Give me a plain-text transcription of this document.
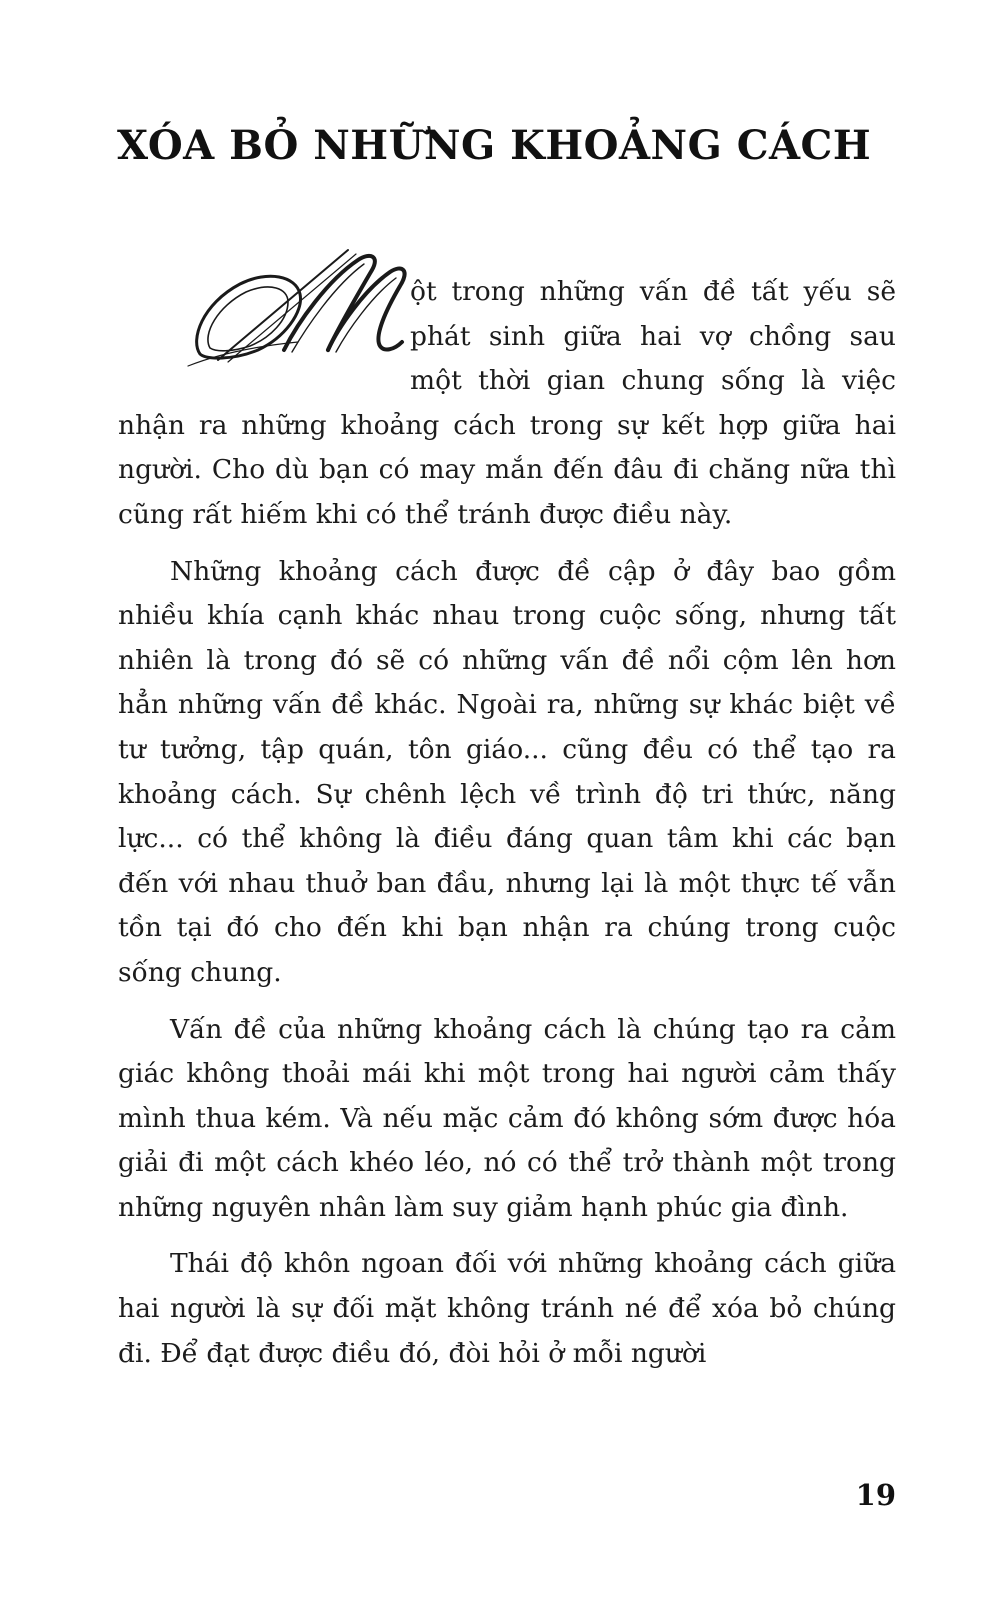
XÓA BỎ NHỮNG KHOẢNG CÁCH

ột trong những vấn đề tất yếu sẽ phát sinh giữa hai vợ chồng sau một thời gian chung sống là việc nhận ra những khoảng cách trong sự kết hợp giữa hai người. Cho dù bạn có may mắn đến đâu đi chăng nữa thì cũng rất hiếm khi có thể tránh được điều này.

Những khoảng cách được đề cập ở đây bao gồm nhiều khía cạnh khác nhau trong cuộc sống, nhưng tất nhiên là trong đó sẽ có những vấn đề nổi cộm lên hơn hẳn những vấn đề khác. Ngoài ra, những sự khác biệt về tư tưởng, tập quán, tôn giáo... cũng đều có thể tạo ra khoảng cách. Sự chênh lệch về trình độ tri thức, năng lực... có thể không là điều đáng quan tâm khi các bạn đến với nhau thuở ban đầu, nhưng lại là một thực tế vẫn tồn tại đó cho đến khi bạn nhận ra chúng trong cuộc sống chung.

Vấn đề của những khoảng cách là chúng tạo ra cảm giác không thoải mái khi một trong hai người cảm thấy mình thua kém. Và nếu mặc cảm đó không sớm được hóa giải đi một cách khéo léo, nó có thể trở thành một trong những nguyên nhân làm suy giảm hạnh phúc gia đình.

Thái độ khôn ngoan đối với những khoảng cách giữa hai người là sự đối mặt không tránh né để xóa bỏ chúng đi. Để đạt được điều đó, đòi hỏi ở mỗi người

19
